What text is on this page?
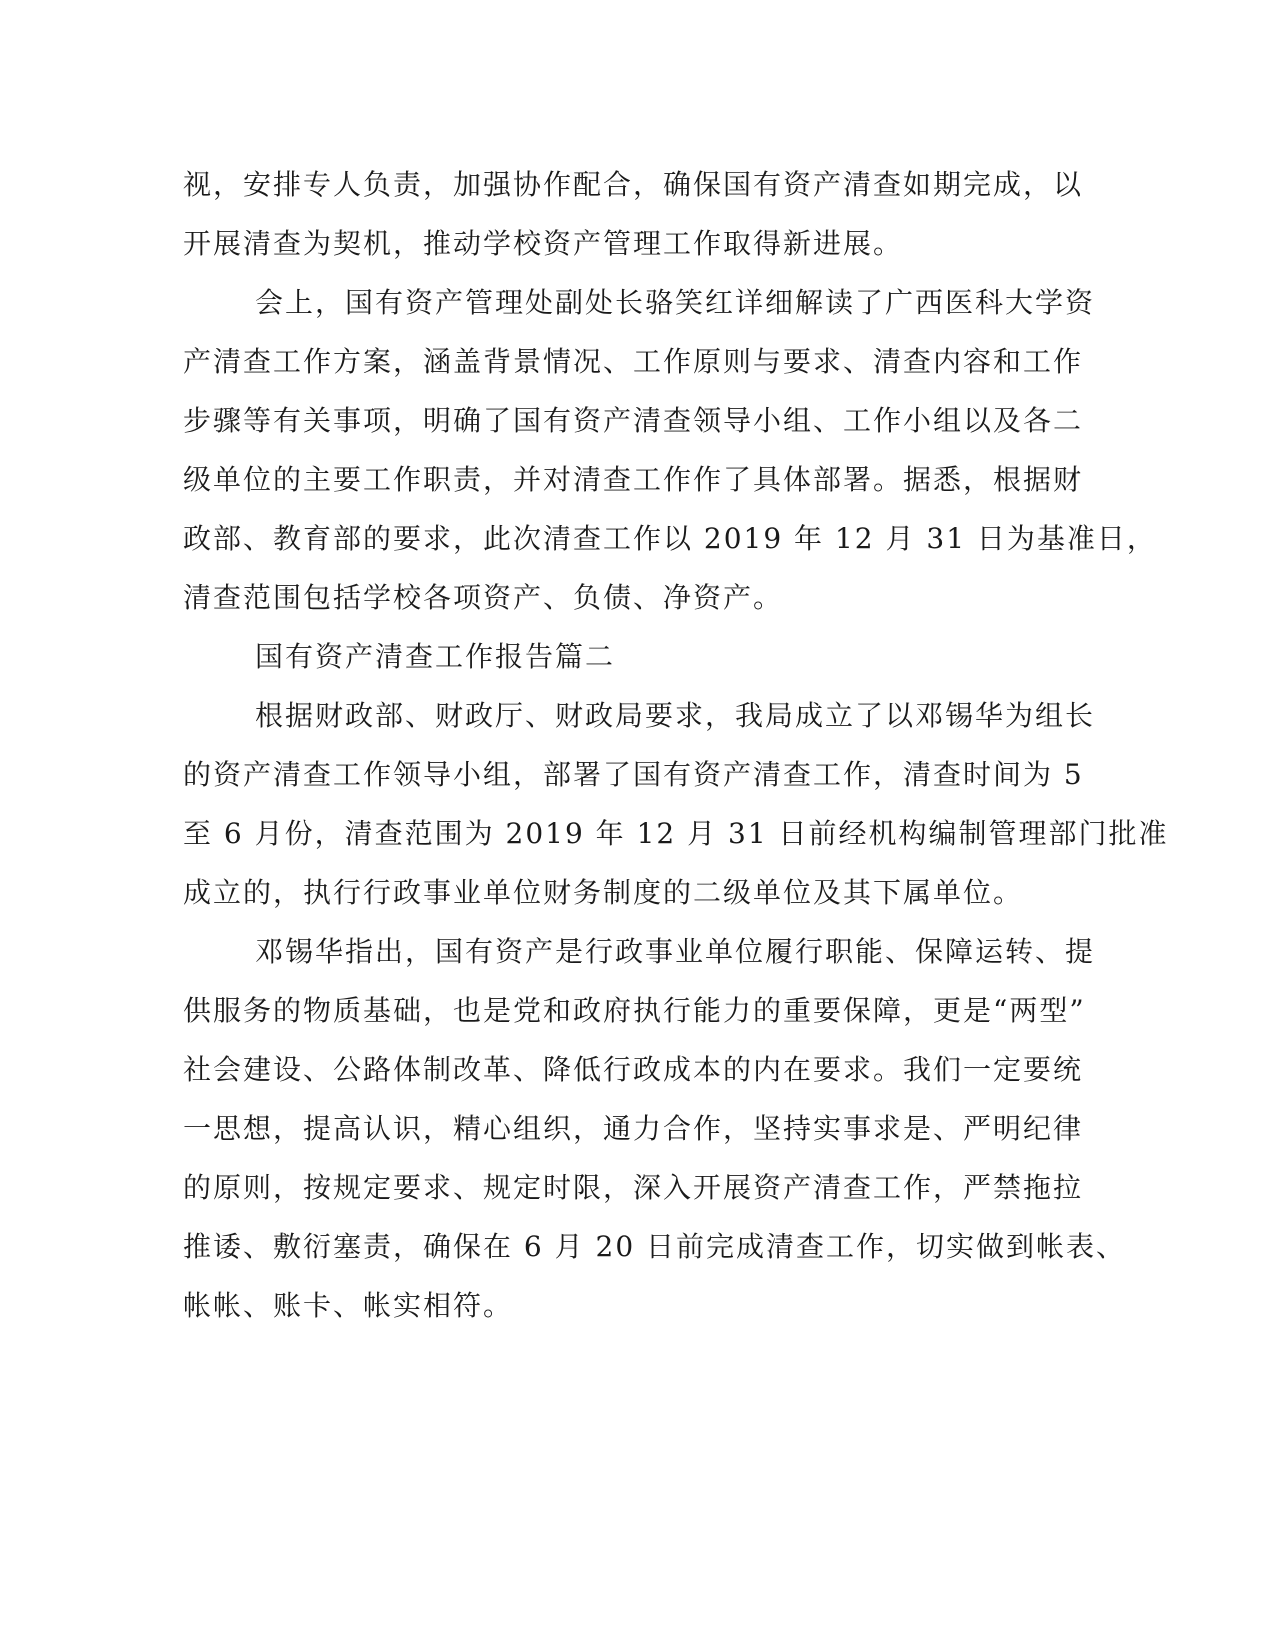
视，安排专人负责，加强协作配合，确保国有资产清查如期完成，以
开展清查为契机，推动学校资产管理工作取得新进展。
会上，国有资产管理处副处长骆笑红详细解读了广西医科大学资
产清查工作方案，涵盖背景情况、工作原则与要求、清查内容和工作
步骤等有关事项，明确了国有资产清查领导小组、工作小组以及各二
级单位的主要工作职责，并对清查工作作了具体部署。据悉，根据财
政部、教育部的要求，此次清查工作以 2019 年 12 月 31 日为基准日，
清查范围包括学校各项资产、负债、净资产。
国有资产清查工作报告篇二
根据财政部、财政厅、财政局要求，我局成立了以邓锡华为组长
的资产清查工作领导小组，部署了国有资产清查工作，清查时间为 5
至 6 月份，清查范围为 2019 年 12 月 31 日前经机构编制管理部门批准
成立的，执行行政事业单位财务制度的二级单位及其下属单位。
邓锡华指出，国有资产是行政事业单位履行职能、保障运转、提
供服务的物质基础，也是党和政府执行能力的重要保障，更是“两型”
社会建设、公路体制改革、降低行政成本的内在要求。我们一定要统
一思想，提高认识，精心组织，通力合作，坚持实事求是、严明纪律
的原则，按规定要求、规定时限，深入开展资产清查工作，严禁拖拉
推诿、敷衍塞责，确保在 6 月 20 日前完成清查工作，切实做到帐表、
帐帐、账卡、帐实相符。
